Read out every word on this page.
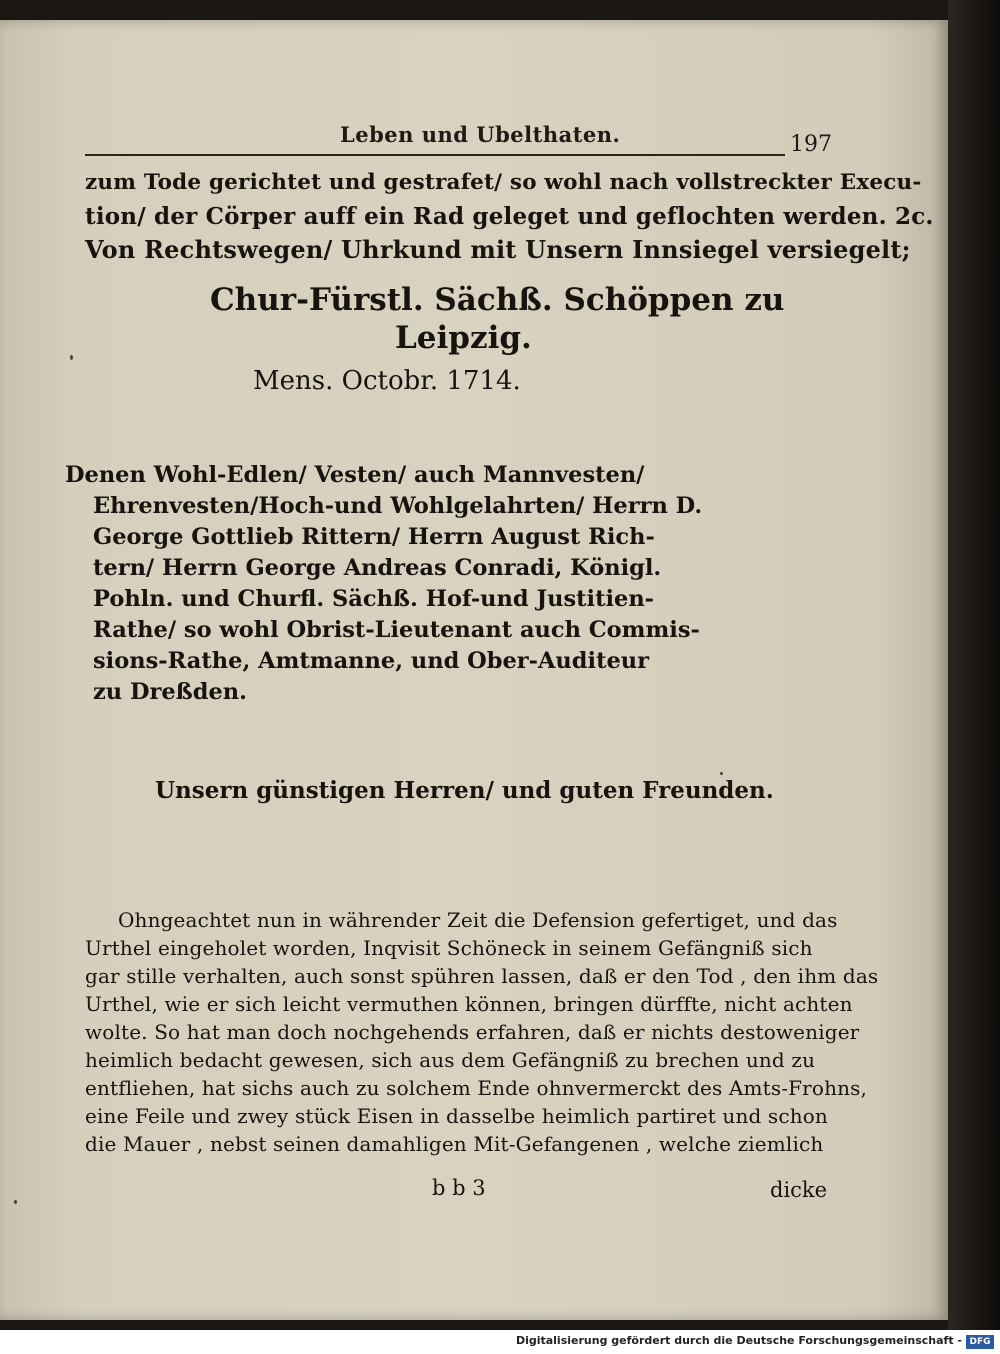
Leben und Ubelthaten.	197
zum Tode gerichtet und gestrafet/ so wohl nach vollstreckter Execu-
tion/ der Cörper auff ein Rad geleget und geflochten werden. 2c.
Von Rechtswegen/ Uhrkund mit Unsern Innsiegel versiegelt;
Chur-Fürstl. Sächß. Schöppen zu
Leipzig.
Mens. Octobr. 1714.
Denen Wohl-Edlen/ Vesten/ auch Mannvesten/
Ehrenvesten/Hoch-und Wohlgelahrten/ Herrn D.
George Gottlieb Rittern/ Herrn August Rich-
tern/ Herrn George Andreas Conradi, Königl.
Pohln. und Churfl. Sächß. Hof-und Justitien-
Rathe/ so wohl Obrist-Lieutenant auch Commis-
sions-Rathe, Amtmanne, und Ober-Auditeur
zu Dreßden.
Unsern günstigen Herren/ und guten Freunden.
Ohngeachtet nun in währender Zeit die Defension gefertiget, und das
Urthel eingeholet worden, Inqvisit Schöneck in seinem Gefängniß sich
gar stille verhalten, auch sonst spühren lassen, daß er den Tod , den ihm das
Urthel, wie er sich leicht vermuthen können, bringen dürffte, nicht achten
wolte. So hat man doch nochgehends erfahren, daß er nichts destoweniger
heimlich bedacht gewesen, sich aus dem Gefängniß zu brechen und zu
entfliehen, hat sichs auch zu solchem Ende ohnvermerckt des Amts-Frohns,
eine Feile und zwey stück Eisen in dasselbe heimlich partiret und schon
die Mauer , nebst seinen damahligen Mit-Gefangenen , welche ziemlich
b b 3	dicke
Digitalisierung gefördert durch die Deutsche Forschungsgemeinschaft - DFG
